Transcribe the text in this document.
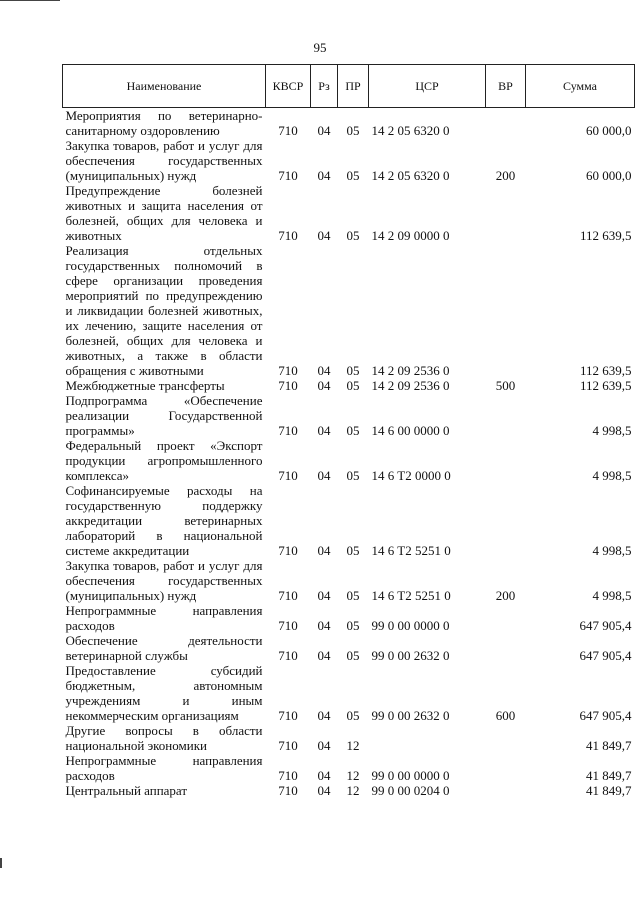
95
Наименование	КВСР	Рз	ПР	ЦСР	ВР	Сумма
Мероприятия по ветеринарно-санитарному оздоровлению	710	04	05	14 2 05 6320 0		60 000,0
Закупка товаров, работ и услуг для обеспечения государственных (муниципальных) нужд	710	04	05	14 2 05 6320 0	200	60 000,0
Предупреждение болезней животных и защита населения от болезней, общих для человека и животных	710	04	05	14 2 09 0000 0		112 639,5
Реализация отдельных государственных полномочий в сфере организации проведения мероприятий по предупреждению и ликвидации болезней животных, их лечению, защите населения от болезней, общих для человека и животных, а также в области обращения с животными	710	04	05	14 2 09 2536 0		112 639,5
Межбюджетные трансферты	710	04	05	14 2 09 2536 0	500	112 639,5
Подпрограмма «Обеспечение реализации Государственной программы»	710	04	05	14 6 00 0000 0		4 998,5
Федеральный проект «Экспорт продукции агропромышленного комплекса»	710	04	05	14 6 T2 0000 0		4 998,5
Софинансируемые расходы на государственную поддержку аккредитации ветеринарных лабораторий в национальной системе аккредитации	710	04	05	14 6 T2 5251 0		4 998,5
Закупка товаров, работ и услуг для обеспечения государственных (муниципальных) нужд	710	04	05	14 6 T2 5251 0	200	4 998,5
Непрограммные направления расходов	710	04	05	99 0 00 0000 0		647 905,4
Обеспечение деятельности ветеринарной службы	710	04	05	99 0 00 2632 0		647 905,4
Предоставление субсидий бюджетным, автономным учреждениям и иным некоммерческим организациям	710	04	05	99 0 00 2632 0	600	647 905,4
Другие вопросы в области национальной экономики	710	04	12			41 849,7
Непрограммные направления расходов	710	04	12	99 0 00 0000 0		41 849,7
Центральный аппарат	710	04	12	99 0 00 0204 0		41 849,7
